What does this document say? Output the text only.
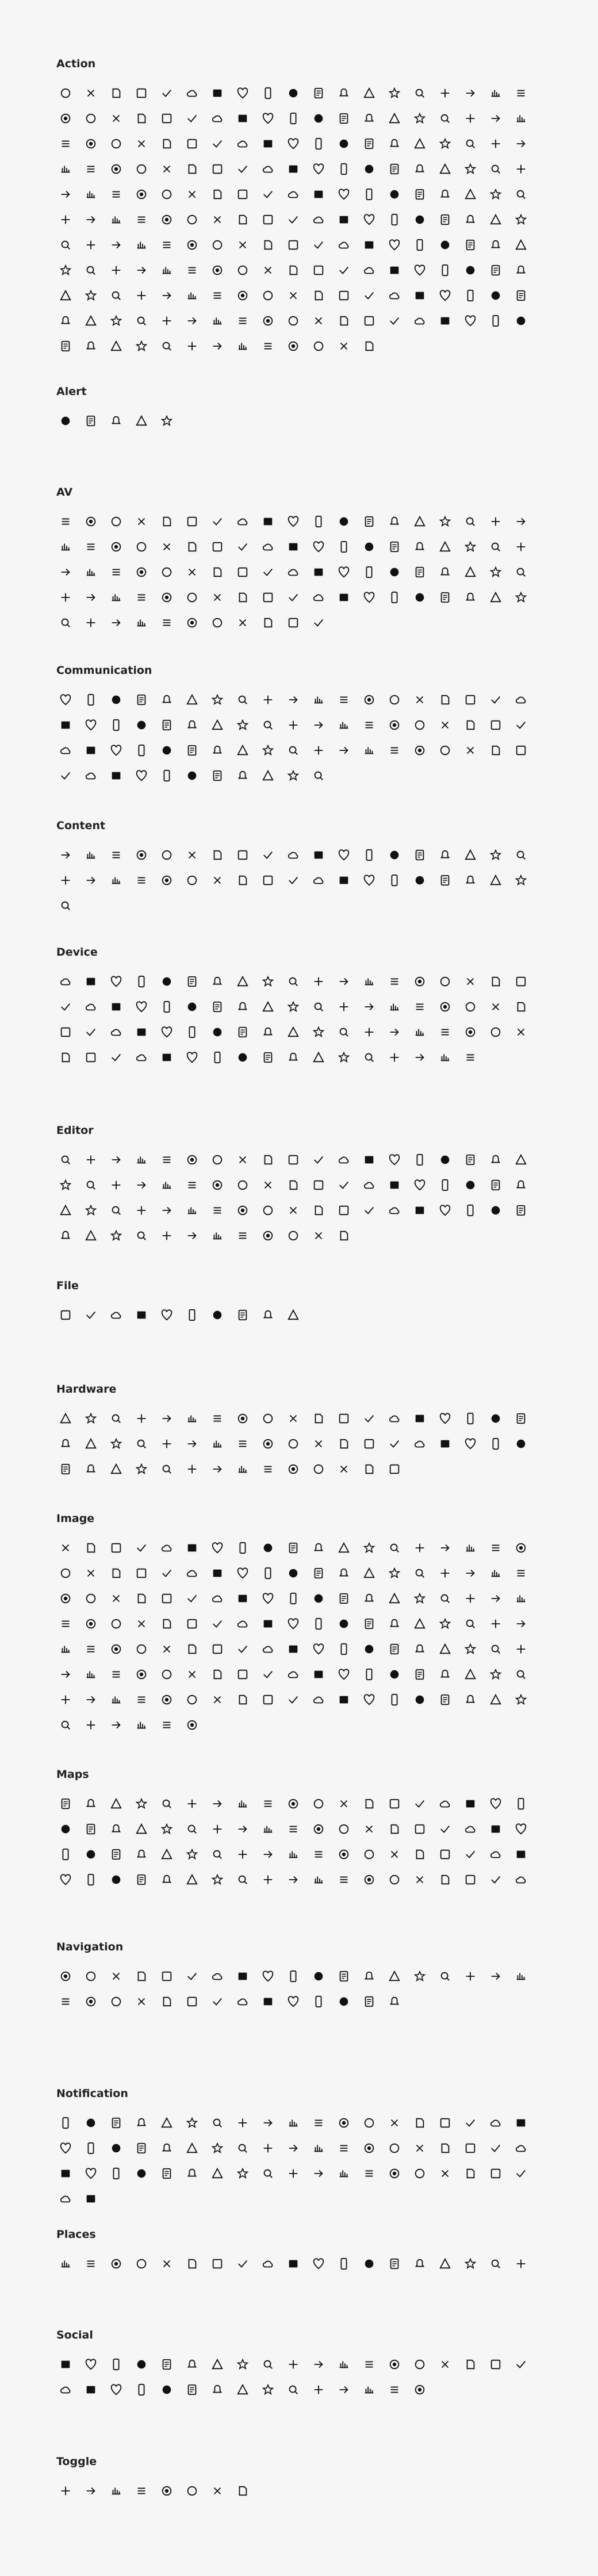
Action
Alert
AV
Communication
Content
Device
Editor
File
Hardware
Image
Maps
Navigation
Notification
Places
Social
Toggle
